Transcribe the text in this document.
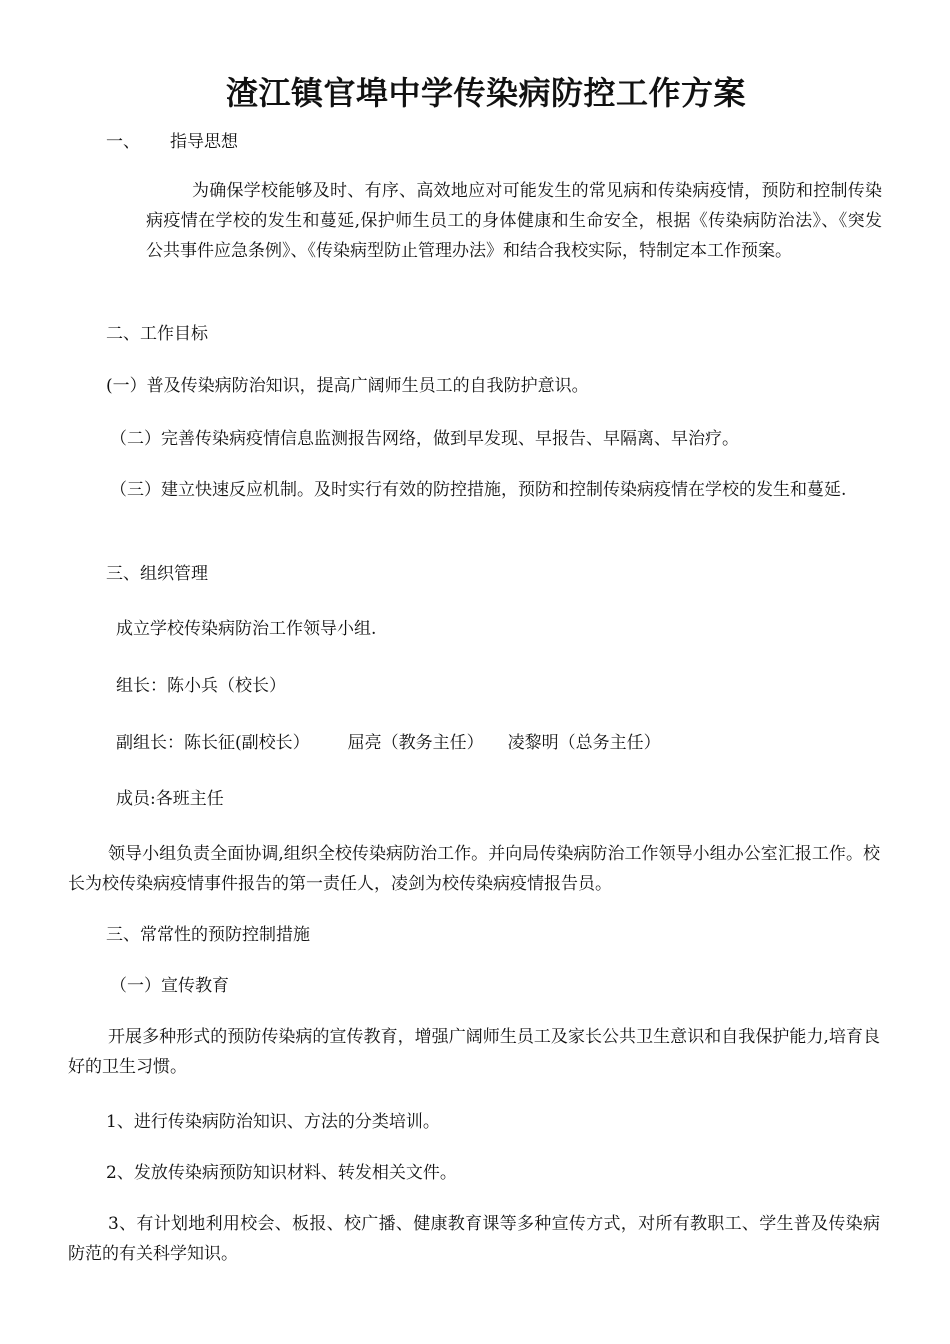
渣江镇官埠中学传染病防控工作方案
一、 指导思想

为确保学校能够及时、有序、高效地应对可能发生的常见病和传染病疫情，预防和控制传染病疫情在学校的发生和蔓延,保护师生员工的身体健康和生命安全，根据《传染病防治法》、《突发公共事件应急条例》、《传染病型防止管理办法》和结合我校实际，特制定本工作预案。

二、工作目标
(一）普及传染病防治知识，提高广阔师生员工的自我防护意识。
（二）完善传染病疫情信息监测报告网络，做到早发现、早报告、早隔离、早治疗。

（三）建立快速反应机制。及时实行有效的防控措施，预防和控制传染病疫情在学校的发生和蔓延.

三、组织管理
成立学校传染病防治工作领导小组.
组长：陈小兵（校长）
副组长：陈长征(副校长） 屈亮（教务主任） 凌黎明（总务主任）
成员:各班主任

领导小组负责全面协调,组织全校传染病防治工作。并向局传染病防治工作领导小组办公室汇报工作。校长为校传染病疫情事件报告的第一责任人，凌剑为校传染病疫情报告员。

三、常常性的预防控制措施
（一）宣传教育

开展多种形式的预防传染病的宣传教育，增强广阔师生员工及家长公共卫生意识和自我保护能力,培育良好的卫生习惯。

1、进行传染病防治知识、方法的分类培训。
2、发放传染病预防知识材料、转发相关文件。

3、有计划地利用校会、板报、校广播、健康教育课等多种宣传方式，对所有教职工、学生普及传染病防范的有关科学知识。
